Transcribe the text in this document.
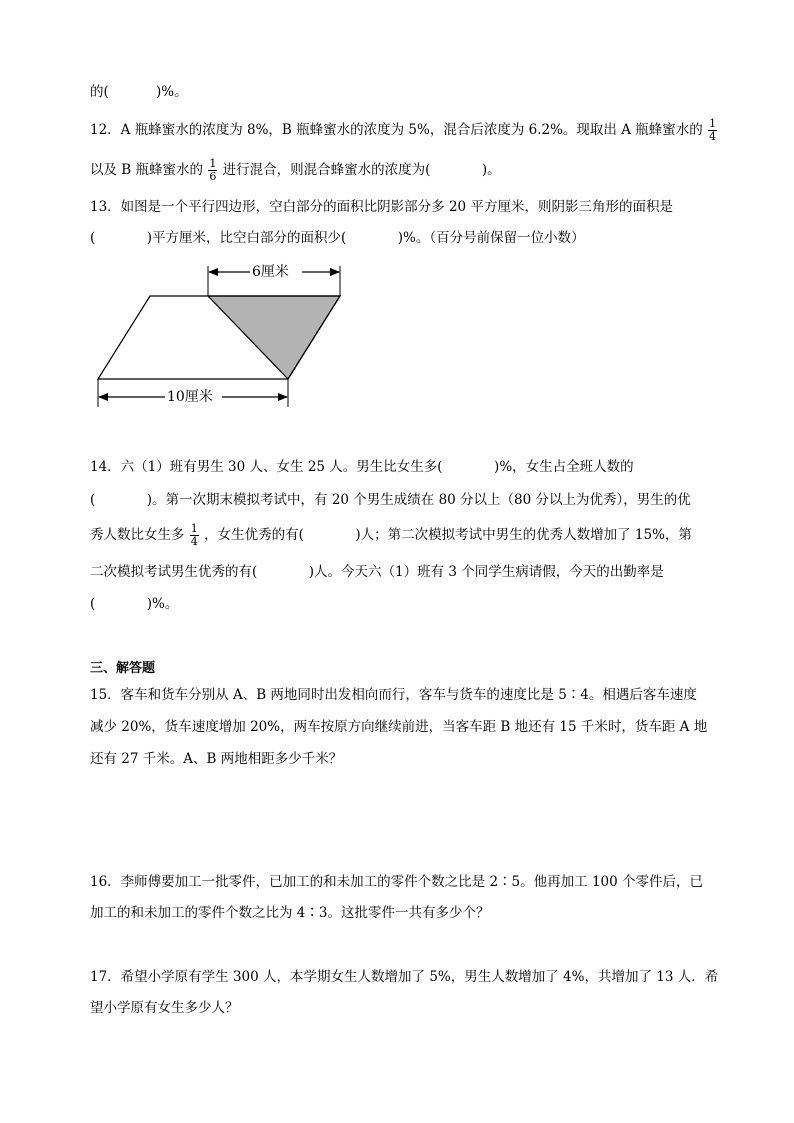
的(           )%。
12．A 瓶蜂蜜水的浓度为 8%，B 瓶蜂蜜水的浓度为 5%，混合后浓度为 6.2%。现取出 A 瓶蜂蜜水的 $\frac{1}{4}$
以及 B 瓶蜂蜜水的 $\frac{1}{6}$ 进行混合，则混合蜂蜜水的浓度为(            )。
13．如图是一个平行四边形，空白部分的面积比阴影部分多 20 平方厘米，则阴影三角形的面积是
(            )平方厘米，比空白部分的面积少(            )%。（百分号前保留一位小数）
6厘米
10厘米
14．六（1）班有男生 30 人、女生 25 人。男生比女生多(            )%，女生占全班人数的
(            )。第一次期末模拟考试中，有 20 个男生成绩在 80 分以上（80 分以上为优秀），男生的优
秀人数比女生多 $\frac{1}{4}$ ，女生优秀的有(            )人；第二次模拟考试中男生的优秀人数增加了 15%，第
二次模拟考试男生优秀的有(            )人。今天六（1）班有 3 个同学生病请假，今天的出勤率是
(            )%。
三、解答题
15．客车和货车分别从 A、B 两地同时出发相向而行，客车与货车的速度比是 5∶4。相遇后客车速度
减少 20%，货车速度增加 20%，两车按原方向继续前进，当客车距 B 地还有 15 千米时，货车距 A 地
还有 27 千米。A、B 两地相距多少千米？
16．李师傅要加工一批零件，已加工的和未加工的零件个数之比是 2∶5。他再加工 100 个零件后，已
加工的和未加工的零件个数之比为 4∶3。这批零件一共有多少个？
17．希望小学原有学生 300 人，本学期女生人数增加了 5%，男生人数增加了 4%，共增加了 13 人．希
望小学原有女生多少人？
